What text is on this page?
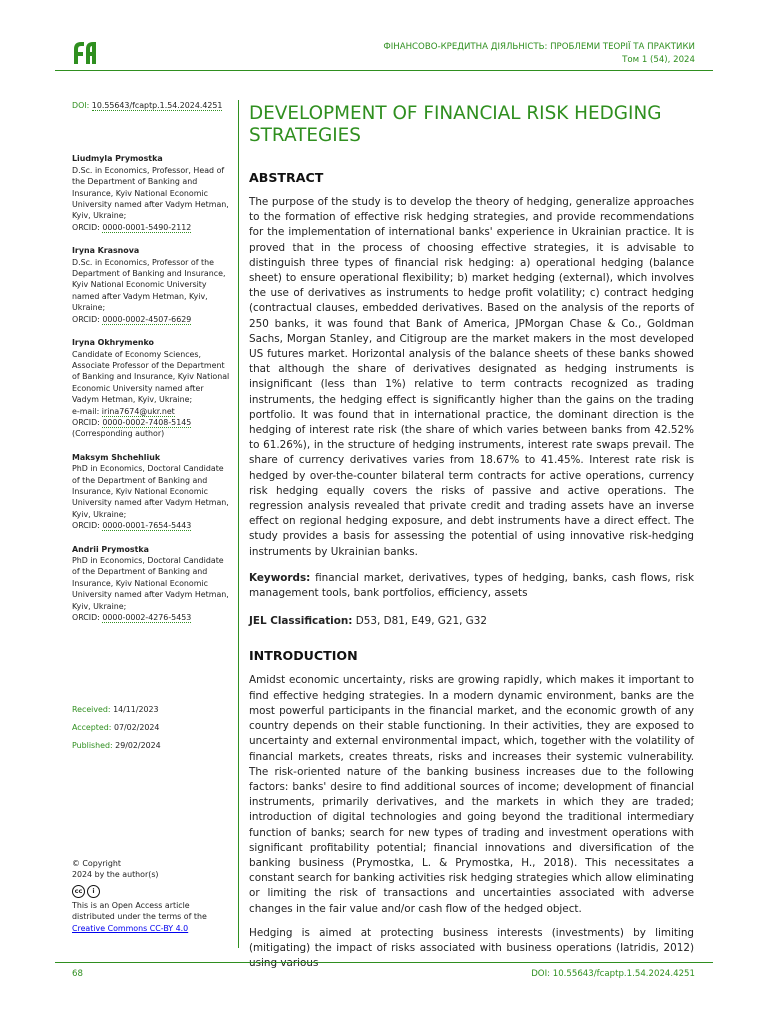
ФІНАНСОВО-КРЕДИТНА ДІЯЛЬНІСТЬ: ПРОБЛЕМИ ТЕОРІЇ ТА ПРАКТИКИ
Том 1 (54), 2024
DOI: 10.55643/fcaptp.1.54.2024.4251
Liudmyla Prymostka
D.Sc. in Economics, Professor, Head of the Department of Banking and Insurance, Kyiv National Economic University named after Vadym Hetman, Kyiv, Ukraine;
ORCID: 0000-0001-5490-2112
Iryna Krasnova
D.Sc. in Economics, Professor of the Department of Banking and Insurance, Kyiv National Economic University named after Vadym Hetman, Kyiv, Ukraine;
ORCID: 0000-0002-4507-6629
Iryna Okhrymenko
Candidate of Economy Sciences, Associate Professor of the Department of Banking and Insurance, Kyiv National Economic University named after Vadym Hetman, Kyiv, Ukraine;
e-mail: irina7674@ukr.net
ORCID: 0000-0002-7408-5145
(Corresponding author)
Maksym Shchehliuk
PhD in Economics, Doctoral Candidate of the Department of Banking and Insurance, Kyiv National Economic University named after Vadym Hetman, Kyiv, Ukraine;
ORCID: 0000-0001-7654-5443
Andrii Prymostka
PhD in Economics, Doctoral Candidate of the Department of Banking and Insurance, Kyiv National Economic University named after Vadym Hetman, Kyiv, Ukraine;
ORCID: 0000-0002-4276-5453
Received: 14/11/2023
Accepted: 07/02/2024
Published: 29/02/2024
© Copyright
2024 by the author(s)
cc	i
This is an Open Access article distributed under the terms of the
Creative Commons CC-BY 4.0
DEVELOPMENT OF FINANCIAL RISK HEDGING STRATEGIES
ABSTRACT

The purpose of the study is to develop the theory of hedging, generalize approaches to the formation of effective risk hedging strategies, and provide recommendations for the implementation of international banks' experience in Ukrainian practice. It is proved that in the process of choosing effective strategies, it is advisable to distinguish three types of financial risk hedging: a) operational hedging (balance sheet) to ensure operational flexibility; b) market hedging (external), which involves the use of derivatives as instruments to hedge profit volatility; c) contract hedging (contractual clauses, embedded derivatives. Based on the analysis of the reports of 250 banks, it was found that Bank of America, JPMorgan Chase & Co., Goldman Sachs, Morgan Stanley, and Citigroup are the market makers in the most developed US futures market. Horizontal analysis of the balance sheets of these banks showed that although the share of derivatives designated as hedging instruments is insignificant (less than 1%) relative to term contracts recognized as trading instruments, the hedging effect is significantly higher than the gains on the trading portfolio. It was found that in international practice, the dominant direction is the hedging of interest rate risk (the share of which varies between banks from 42.52% to 61.26%), in the structure of hedging instruments, interest rate swaps prevail. The share of currency derivatives varies from 18.67% to 41.45%. Interest rate risk is hedged by over-the-counter bilateral term contracts for active operations, currency risk hedging equally covers the risks of passive and active operations. The regression analysis revealed that private credit and trading assets have an inverse effect on regional hedging exposure, and debt instruments have a direct effect. The study provides a basis for assessing the potential of using innovative risk-hedging instruments by Ukrainian banks.

Keywords: financial market, derivatives, types of hedging, banks, cash flows, risk management tools, bank portfolios, efficiency, assets

JEL Classification: D53, D81, E49, G21, G32

INTRODUCTION

Amidst economic uncertainty, risks are growing rapidly, which makes it important to find effective hedging strategies. In a modern dynamic environment, banks are the most powerful participants in the financial market, and the economic growth of any country depends on their stable functioning. In their activities, they are exposed to uncertainty and external environmental impact, which, together with the volatility of financial markets, creates threats, risks and increases their systemic vulnerability. The risk-oriented nature of the banking business increases due to the following factors: banks' desire to find additional sources of income; development of financial instruments, primarily derivatives, and the markets in which they are traded; introduction of digital technologies and going beyond the traditional intermediary function of banks; search for new types of trading and investment operations with significant profitability potential; financial innovations and diversification of the banking business (Prymostka, L. & Prymostka, H., 2018). This necessitates a constant search for banking activities risk hedging strategies which allow eliminating or limiting the risk of transactions and uncertainties associated with adverse changes in the fair value and/or cash flow of the hedged object.

Hedging is aimed at protecting business interests (investments) by limiting (mitigating) the impact of risks associated with business operations (Iatridis, 2012) using various

68	DOI: 10.55643/fcaptp.1.54.2024.4251
